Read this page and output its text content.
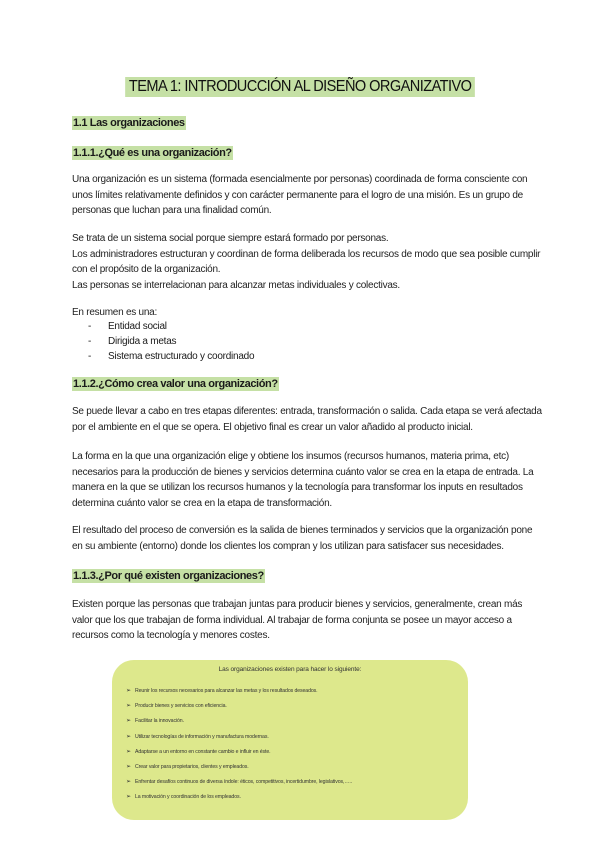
TEMA 1: INTRODUCCIÓN AL DISEÑO ORGANIZATIVO
1.1 Las organizaciones
1.1.1.¿Qué es una organización?
Una organización es un sistema (formada esencialmente por personas) coordinada de forma consciente con
unos límites relativamente definidos y con carácter permanente para el logro de una misión. Es un grupo de
personas que luchan para una finalidad común.
Se trata de un sistema social porque siempre estará formado por personas.
Los administradores estructuran y coordinan de forma deliberada los recursos de modo que sea posible cumplir
con el propósito de la organización.
Las personas se interrelacionan para alcanzar metas individuales y colectivas.
En resumen es una:
- Entidad social
- Dirigida a metas
- Sistema estructurado y coordinado
1.1.2.¿Cómo crea valor una organización?
Se puede llevar a cabo en tres etapas diferentes: entrada, transformación o salida. Cada etapa se verá afectada
por el ambiente en el que se opera. El objetivo final es crear un valor añadido al producto inicial.
La forma en la que una organización elige y obtiene los insumos (recursos humanos, materia prima, etc)
necesarios para la producción de bienes y servicios determina cuánto valor se crea en la etapa de entrada. La
manera en la que se utilizan los recursos humanos y la tecnología para transformar los inputs en resultados
determina cuánto valor se crea en la etapa de transformación.
El resultado del proceso de conversión es la salida de bienes terminados y servicios que la organización pone
en su ambiente (entorno) donde los clientes los compran y los utilizan para satisfacer sus necesidades.
1.1.3.¿Por qué existen organizaciones?
Existen porque las personas que trabajan juntas para producir bienes y servicios, generalmente, crean más
valor que los que trabajan de forma individual. Al trabajar de forma conjunta se posee un mayor acceso a
recursos como la tecnología y menores costes.
Las organizaciones existen para hacer lo siguiente:
➢ Reunir los recursos necesarios para alcanzar las metas y los resultados deseados.
➢ Producir bienes y servicios con eficiencia.
➢ Facilitar la innovación.
➢ Utilizar tecnologías de información y manufactura modernas.
➢ Adaptarse a un entorno en constante cambio e influir en éste.
➢ Crear valor para propietarios, clientes y empleados.
➢ Enfrentar desafíos continuos de diversa índole: éticos, competitivos, incertidumbre, legislativos,…..
➢ La motivación y coordinación de los empleados.
